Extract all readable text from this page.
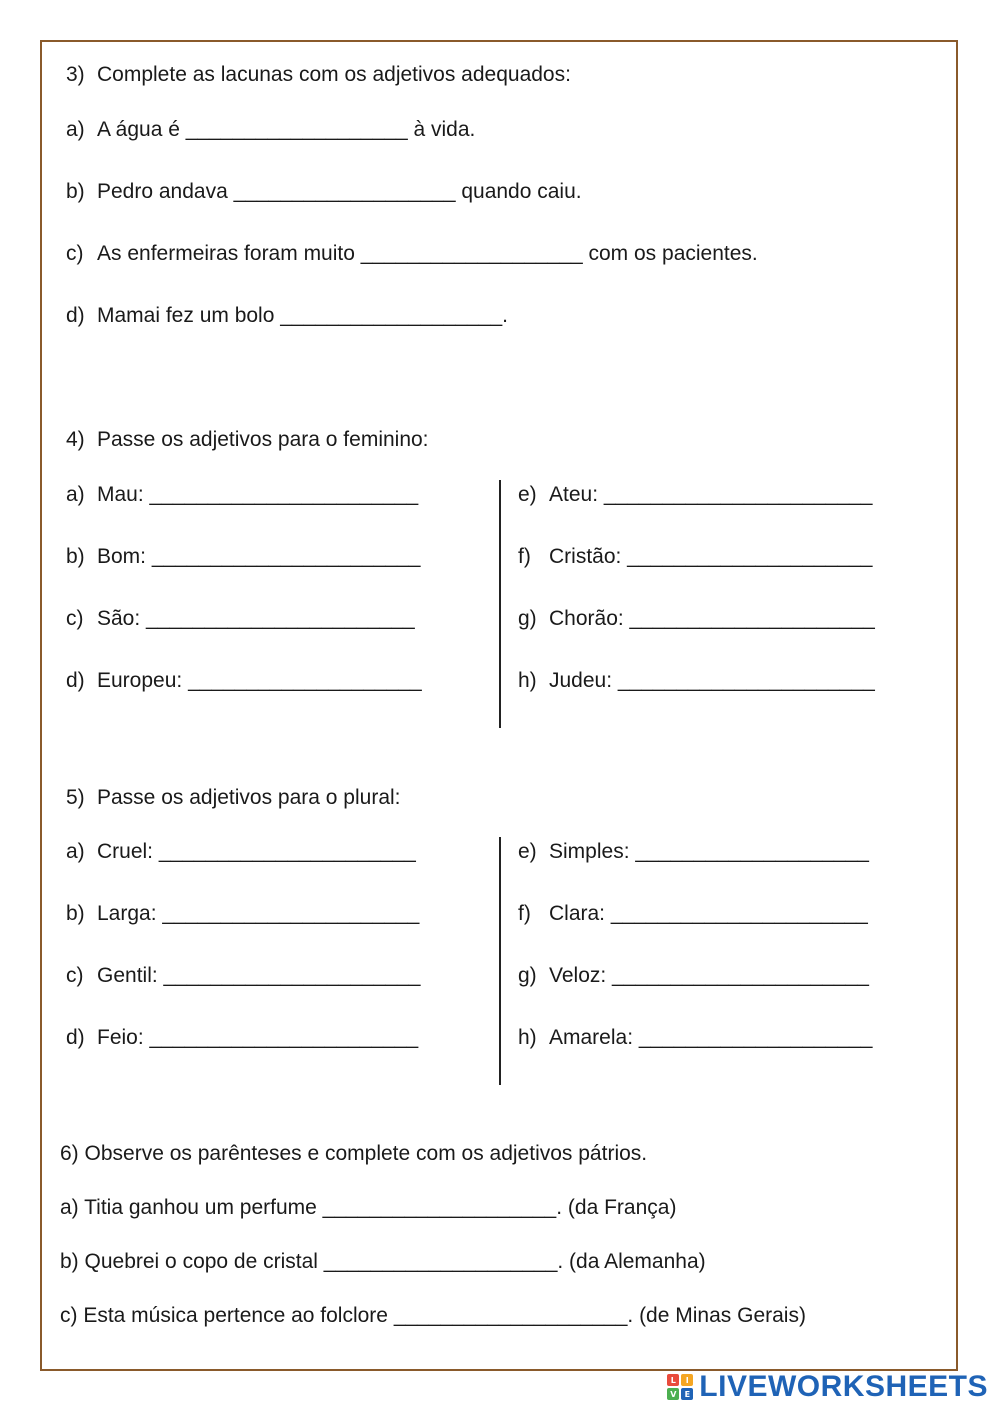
3) Complete as lacunas com os adjetivos adequados:
a) A água é ___________________ à vida.
b) Pedro andava ___________________ quando caiu.
c) As enfermeiras foram muito ___________________ com os pacientes.
d) Mamai fez um bolo ___________________.
4) Passe os adjetivos para o feminino:
a) Mau: _______________________
b) Bom: _______________________
c) São: _______________________
d) Europeu: ____________________
e) Ateu: _______________________
f) Cristão: _____________________
g) Chorão: _____________________
h) Judeu: ______________________
5) Passe os adjetivos para o plural:
a) Cruel: ______________________
b) Larga: ______________________
c) Gentil: ______________________
d) Feio: _______________________
e) Simples: ____________________
f) Clara: ______________________
g) Veloz: ______________________
h) Amarela: ____________________
6) Observe os parênteses e complete com os adjetivos pátrios.
a) Titia ganhou um perfume ____________________. (da França)
b) Quebrei o copo de cristal ____________________. (da Alemanha)
c) Esta música pertence ao folclore ____________________. (de Minas Gerais)
L	I
V	E LIVEWORKSHEETS
